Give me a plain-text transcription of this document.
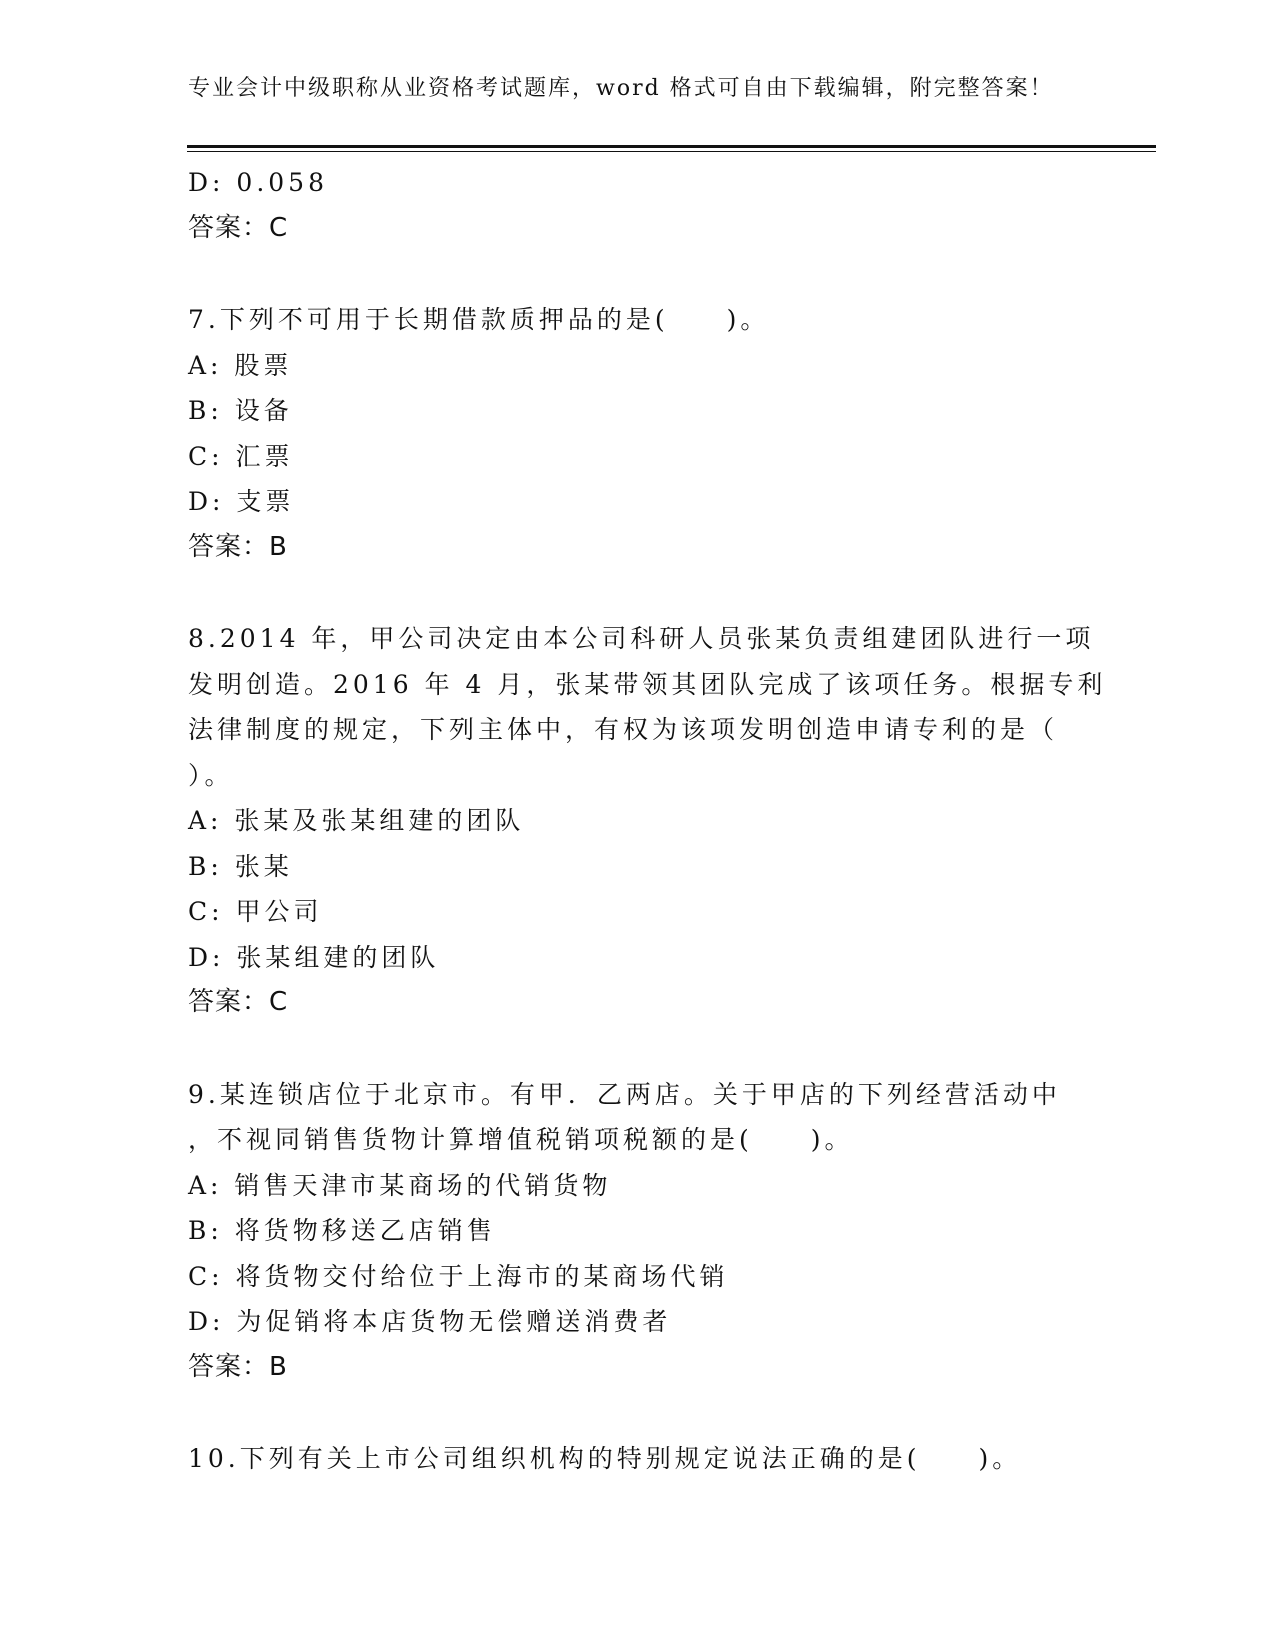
专业会计中级职称从业资格考试题库，word 格式可自由下载编辑，附完整答案！
D: 0.058
答案：C
7.下列不可用于长期借款质押品的是(　　)。
A: 股票
B: 设备
C: 汇票
D: 支票
答案：B
8.2014 年，甲公司决定由本公司科研人员张某负责组建团队进行一项
发明创造。2016 年 4 月，张某带领其团队完成了该项任务。根据专利
法律制度的规定，下列主体中，有权为该项发明创造申请专利的是（
）。
A: 张某及张某组建的团队
B: 张某
C: 甲公司
D: 张某组建的团队
答案：C
9.某连锁店位于北京市。有甲．乙两店。关于甲店的下列经营活动中
，不视同销售货物计算增值税销项税额的是(　　)。
A: 销售天津市某商场的代销货物
B: 将货物移送乙店销售
C: 将货物交付给位于上海市的某商场代销
D: 为促销将本店货物无偿赠送消费者
答案：B
10.下列有关上市公司组织机构的特别规定说法正确的是(　　)。
